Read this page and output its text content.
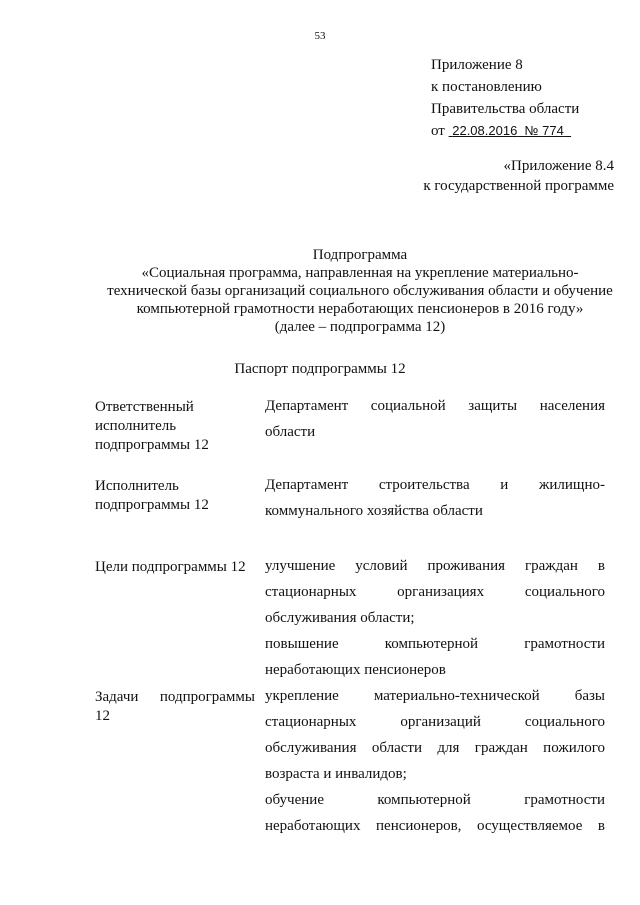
53
Приложение 8
к постановлению
Правительства области
от 22.08.2016 № 774
«Приложение 8.4
к государственной программе
Подпрограмма
«Социальная программа, направленная на укрепление материально-
технической базы организаций социального обслуживания области и обучение
компьютерной грамотности неработающих пенсионеров в 2016 году»
(далее – подпрограмма 12)
Паспорт подпрограммы 12
Ответственный
исполнитель
подпрограммы 12
Департамент социальной защиты населения
области
Исполнитель
подпрограммы 12
Департамент строительства и жилищно-
коммунального хозяйства области
Цели подпрограммы 12	улучшение условий проживания граждан в
стационарных организациях социального
обслуживания области;
повышение компьютерной грамотности
неработающих пенсионеров
Задачи подпрограммы
12
укрепление материально-технической базы
стационарных организаций социального
обслуживания области для граждан пожилого
возраста и инвалидов;
обучение компьютерной грамотности
неработающих пенсионеров, осуществляемое в
